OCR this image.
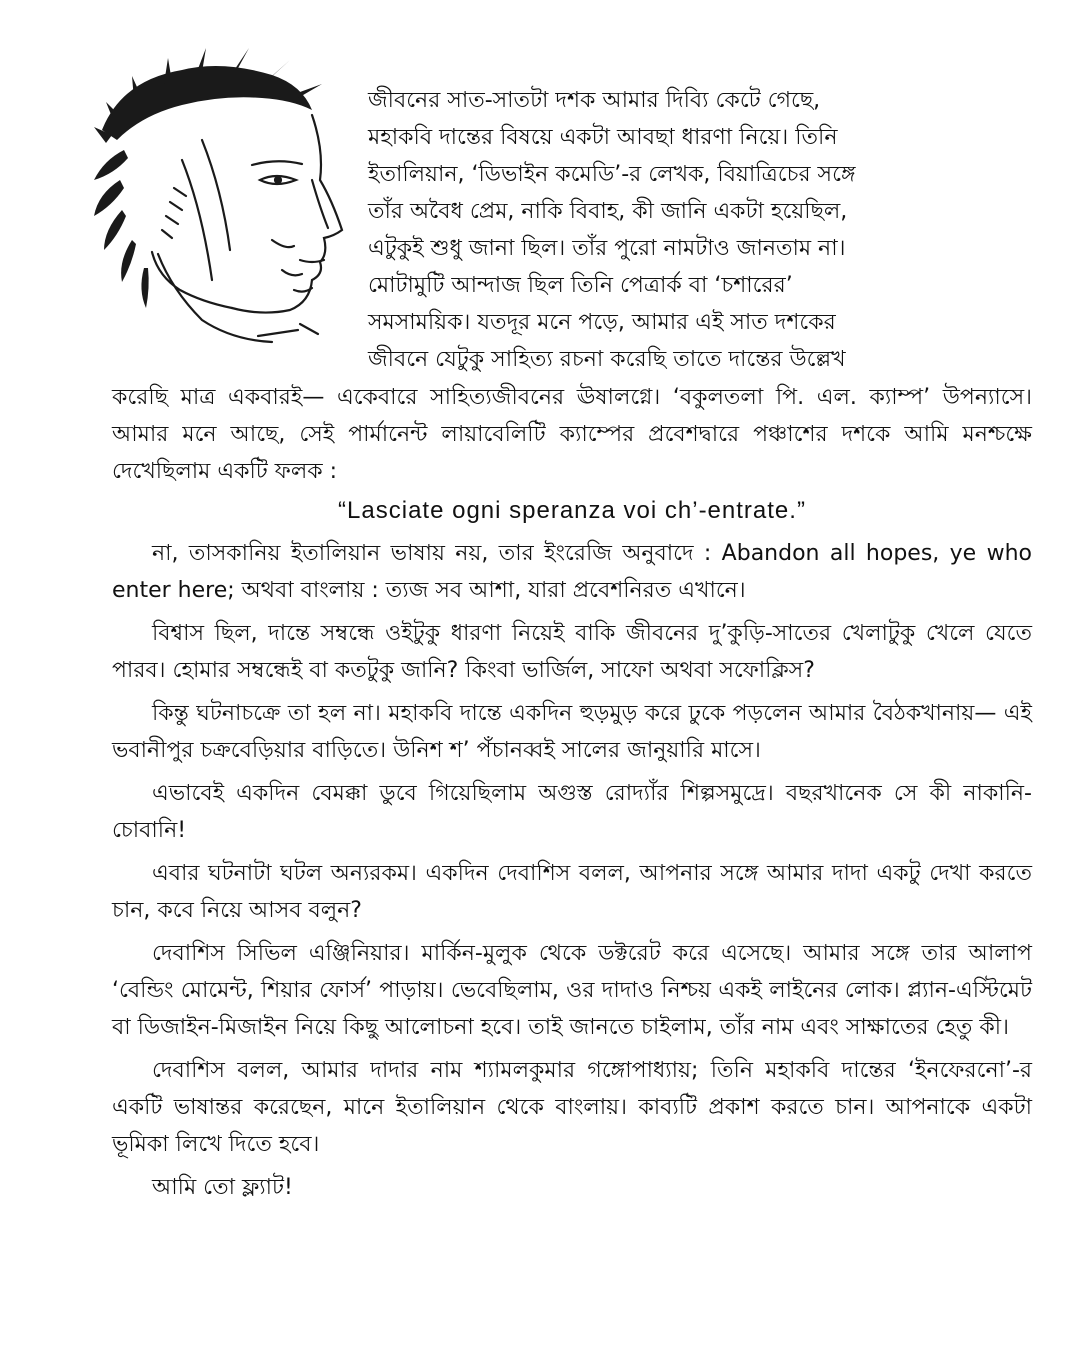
জীবনের সাত-সাতটা দশক আমার দিব্যি কেটে গেছে,

মহাকবি দান্তের বিষয়ে একটা আবছা ধারণা নিয়ে। তিনি

ইতালিয়ান, ‘ডিভাইন কমেডি’-র লেখক, বিয়াত্রিচের সঙ্গে

তাঁর অবৈধ প্রেম, নাকি বিবাহ, কী জানি একটা হয়েছিল,

এটুকুই শুধু জানা ছিল। তাঁর পুরো নামটাও জানতাম না।

মোটামুটি আন্দাজ ছিল তিনি পেত্রার্ক বা ‘চশারের’

সমসাময়িক। যতদূর মনে পড়ে, আমার এই সাত দশকের

জীবনে যেটুকু সাহিত্য রচনা করেছি তাতে দান্তের উল্লেখ

করেছি মাত্র একবারই— একেবারে সাহিত্যজীবনের ঊষালগ্নে। ‘বকুলতলা পি. এল. ক্যাম্প’ উপন্যাসে। আমার মনে আছে, সেই পার্মানেন্ট লায়াবেলিটি ক্যাম্পের প্রবেশদ্বারে পঞ্চাশের দশকে আমি মনশ্চক্ষে দেখেছিলাম একটি ফলক :

“Lasciate ogni speranza voi ch’-entrate.”

না, তাসকানিয় ইতালিয়ান ভাষায় নয়, তার ইংরেজি অনুবাদে : Abandon all hopes, ye who enter here; অথবা বাংলায় : ত্যজ সব আশা, যারা প্রবেশনিরত এখানে।

বিশ্বাস ছিল, দান্তে সম্বন্ধে ওইটুকু ধারণা নিয়েই বাকি জীবনের দু’কুড়ি-সাতের খেলাটুকু খেলে যেতে পারব। হোমার সম্বন্ধেই বা কতটুকু জানি? কিংবা ভার্জিল, সাফো অথবা সফোক্লিস?

কিন্তু ঘটনাচক্রে তা হল না। মহাকবি দান্তে একদিন হুড়মুড় করে ঢুকে পড়লেন আমার বৈঠকখানায়— এই ভবানীপুর চক্রবেড়িয়ার বাড়িতে। উনিশ শ’ পঁচানব্বই সালের জানুয়ারি মাসে।

এভাবেই একদিন বেমক্কা ডুবে গিয়েছিলাম অগুস্ত রোদ্যাঁর শিল্পসমুদ্রে। বছরখানেক সে কী নাকানি-চোবানি!

এবার ঘটনাটা ঘটল অন্যরকম। একদিন দেবাশিস বলল, আপনার সঙ্গে আমার দাদা একটু দেখা করতে চান, কবে নিয়ে আসব বলুন?

দেবাশিস সিভিল এঞ্জিনিয়ার। মার্কিন-মুলুক থেকে ডক্টরেট করে এসেছে। আমার সঙ্গে তার আলাপ ‘বেন্ডিং মোমেন্ট, শিয়ার ফোর্স’ পাড়ায়। ভেবেছিলাম, ওর দাদাও নিশ্চয় একই লাইনের লোক। প্ল্যান-এস্টিমেট বা ডিজাইন-মিজাইন নিয়ে কিছু আলোচনা হবে। তাই জানতে চাইলাম, তাঁর নাম এবং সাক্ষাতের হেতু কী।

দেবাশিস বলল, আমার দাদার নাম শ্যামলকুমার গঙ্গোপাধ্যায়; তিনি মহাকবি দান্তের ‘ইনফেরনো’-র একটি ভাষান্তর করেছেন, মানে ইতালিয়ান থেকে বাংলায়। কাব্যটি প্রকাশ করতে চান। আপনাকে একটা ভূমিকা লিখে দিতে হবে।

আমি তো ফ্ল্যাট!
